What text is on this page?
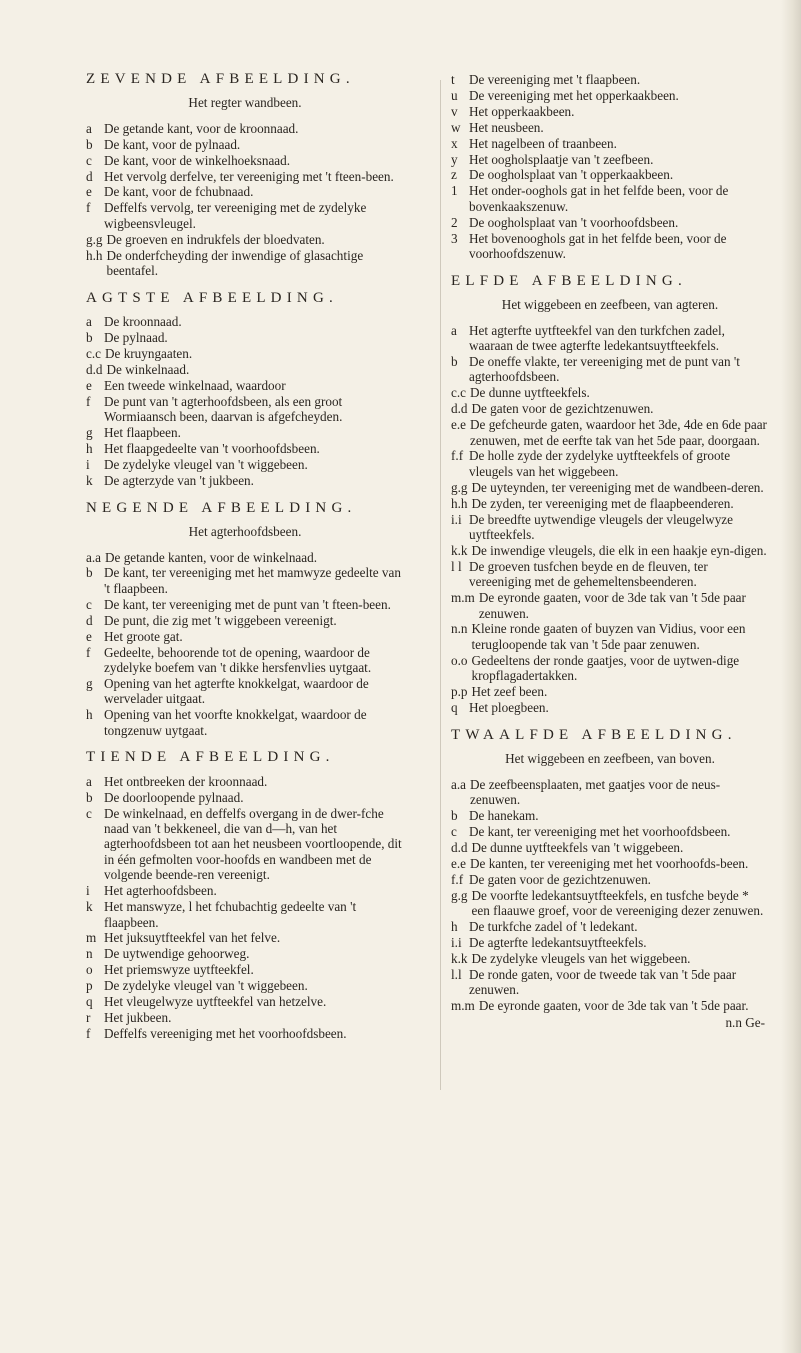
ZEVENDE AFBEELDING.
Het regter wandbeen.
a De getande kant, voor de kroonnaad.
b De kant, voor de pylnaad.
c De kant, voor de winkelhoeksnaad.
d Het vervolg derfelve, ter vereeniging met 't fteen-been.
e De kant, voor de fchubnaad.
f	Deffelfs vervolg, ter vereeniging met de zydelyke wigbeensvleugel.
g.g De groeven en indrukfels der bloedvaten.
h.h De onderfcheyding der inwendige of glasachtige beentafel.
AGTSTE AFBEELDING.
a De kroonnaad.
b De pylnaad.
c.c De kruyngaaten.
d.d De winkelnaad.
e Een tweede winkelnaad, waardoor
f	De punt van 't agterhoofdsbeen, als een groot Wormiaansch been, daarvan is afgefcheyden.
g Het flaapbeen.
h Het flaapgedeelte van 't voorhoofdsbeen.
i	De zydelyke vleugel van 't wiggebeen.
k De agterzyde van 't jukbeen.
NEGENDE AFBEELDING.
Het agterhoofdsbeen.
a.a De getande kanten, voor de winkelnaad.
b De kant, ter vereeniging met het mamwyze gedeelte van 't flaapbeen.
c De kant, ter vereeniging met de punt van 't fteen-been.
d De punt, die zig met 't wiggebeen vereenigt.
e Het groote gat.
f	Gedeelte, behoorende tot de opening, waardoor de zydelyke boefem van 't dikke hersfenvlies uytgaat.
g Opening van het agterfte knokkelgat, waardoor de wervelader uitgaat.
h Opening van het voorfte knokkelgat, waardoor de tongzenuw uytgaat.
TIENDE AFBEELDING.
a Het ontbreeken der kroonnaad.
b De doorloopende pylnaad.
c De winkelnaad, en deffelfs overgang in de dwer-fche naad van 't bekkeneel, die van d—h, van het agterhoofdsbeen tot aan het neusbeen voortloopende, dit in één gefmolten voor-hoofds en wandbeen met de volgende beende-ren vereenigt.
i	Het agterhoofdsbeen.
k Het manswyze, l het fchubachtig gedeelte van 't flaapbeen.
m Het juksuytfteekfel van het felve.
n De uytwendige gehoorweg.
o Het priemswyze uytfteekfel.
p De zydelyke vleugel van 't wiggebeen.
q Het vleugelwyze uytfteekfel van hetzelve.
r	Het jukbeen.
f	Deffelfs vereeniging met het voorhoofdsbeen.
t	De vereeniging met 't flaapbeen.
u De vereeniging met het opperkaakbeen.
v Het opperkaakbeen.
w Het neusbeen.
x Het nagelbeen of traanbeen.
y Het oogholsplaatje van 't zeefbeen.
z De oogholsplaat van 't opperkaakbeen.
1 Het onder-ooghols gat in het felfde been, voor de bovenkaakszenuw.
2 De oogholsplaat van 't voorhoofdsbeen.
3 Het bovenooghols gat in het felfde been, voor de voorhoofdszenuw.
ELFDE AFBEELDING.
Het wiggebeen en zeefbeen, van agteren.
a Het agterfte uytfteekfel van den turkfchen zadel, waaraan de twee agterfte ledekantsuytfteekfels.
b De oneffe vlakte, ter vereeniging met de punt van 't agterhoofdsbeen.
c.c De dunne uytfteekfels.
d.d De gaten voor de gezichtzenuwen.
e.e De gefcheurde gaten, waardoor het 3de, 4de en 6de paar zenuwen, met de eerfte tak van het 5de paar, doorgaan.
f.f De holle zyde der zydelyke uytfteekfels of groote vleugels van het wiggebeen.
g.g De uyteynden, ter vereeniging met de wandbeen-deren.
h.h De zyden, ter vereeniging met de flaapbeenderen.
i.i De breedfte uytwendige vleugels der vleugelwyze uytfteekfels.
k.k De inwendige vleugels, die elk in een haakje eyn-digen.
l l De groeven tusfchen beyde en de fleuven, ter vereeniging met de gehemeltensbeenderen.
m.m De eyronde gaaten, voor de 3de tak van 't 5de paar zenuwen.
n.n Kleine ronde gaaten of buyzen van Vidius, voor een terugloopende tak van 't 5de paar zenuwen.
o.o Gedeeltens der ronde gaatjes, voor de uytwen-dige kropflagadertakken.
p.p Het zeef been.
q Het ploegbeen.
TWAALFDE AFBEELDING.
Het wiggebeen en zeefbeen, van boven.
a.a De zeefbeensplaaten, met gaatjes voor de neus-zenuwen.
b De hanekam.
c De kant, ter vereeniging met het voorhoofdsbeen.
d.d De dunne uytfteekfels van 't wiggebeen.
e.e De kanten, ter vereeniging met het voorhoofds-been.
f.f De gaten voor de gezichtzenuwen.
g.g De voorfte ledekantsuytfteekfels, en tusfche beyde * een flaauwe groef, voor de vereeniging dezer zenuwen.
h De turkfche zadel of 't ledekant.
i.i De agterfte ledekantsuytfteekfels.
k.k De zydelyke vleugels van het wiggebeen.
l.l De ronde gaten, voor de tweede tak van 't 5de paar zenuwen.
m.m De eyronde gaaten, voor de 3de tak van 't 5de paar.
n.n Ge-
